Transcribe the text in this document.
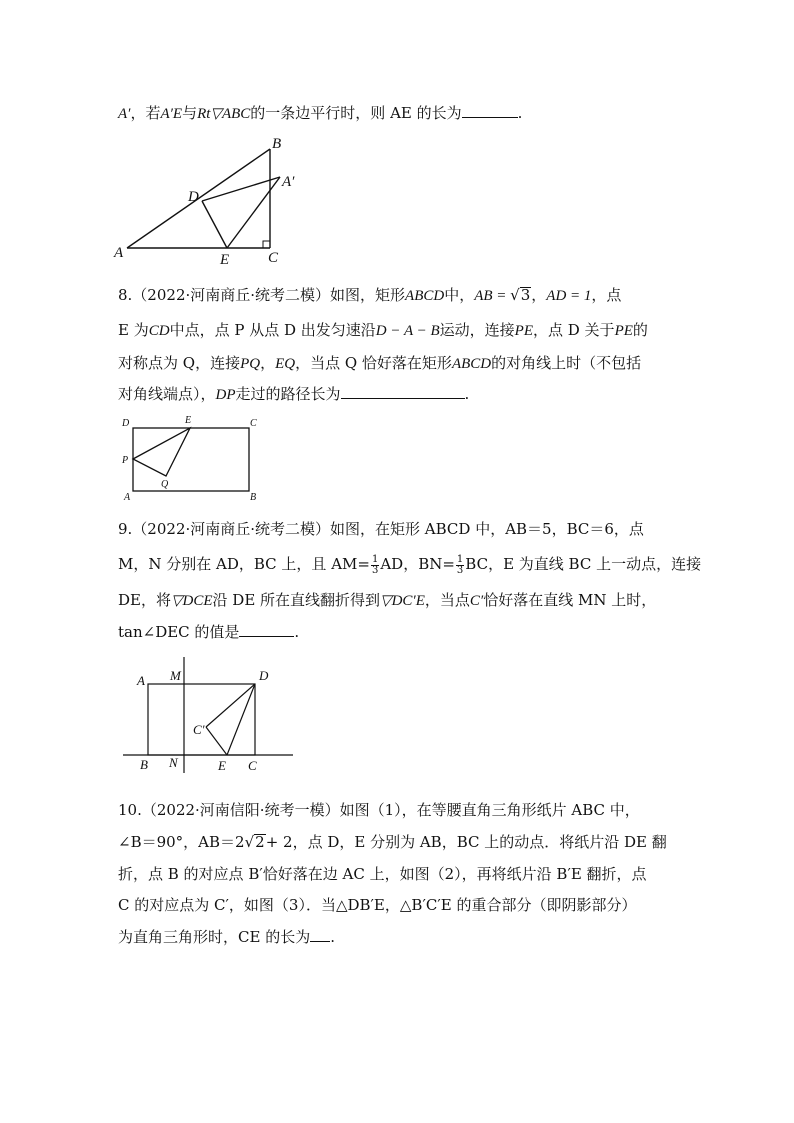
A′，若A′E与Rt▽ABC的一条边平行时，则 AE 的长为	.
B
A′
D
A	E	C
8.（2022·河南商丘·统考二模）如图，矩形ABCD中，AB = √3，AD = 1，点
E 为CD中点，点 P 从点 D 出发匀速沿D − A − B运动，连接PE，点 D 关于PE的
对称点为 Q，连接PQ，EQ，当点 Q 恰好落在矩形ABCD的对角线上时（不包括
对角线端点），DP走过的路径长为	.
D	E	C
P
Q
A	B
9.（2022·河南商丘·统考二模）如图，在矩形 ABCD 中，AB＝5，BC＝6，点
M，N 分别在 AD，BC 上，且 $AM= \frac{1}{3}$ AD，$BN= \frac{1}{3}$ BC，E 为直线 BC 上一动点，连接
DE，将▽DCE沿 DE 所在直线翻折得到▽DC′E，当点C′恰好落在直线 MN 上时，
tan∠DEC 的值是	.
A M	D
C′
B N	E C
10.（2022·河南信阳·统考一模）如图（1），在等腰直角三角形纸片 ABC 中，
∠B＝90°，AB＝2√2+ 2，点 D，E 分别为 AB，BC 上的动点．将纸片沿 DE 翻
折，点 B 的对应点 B′恰好落在边 AC 上，如图（2），再将纸片沿 B′E 翻折，点
C 的对应点为 C′，如图（3）．当△DB′E，△B′C′E 的重合部分（即阴影部分）
为直角三角形时，CE 的长为 .
